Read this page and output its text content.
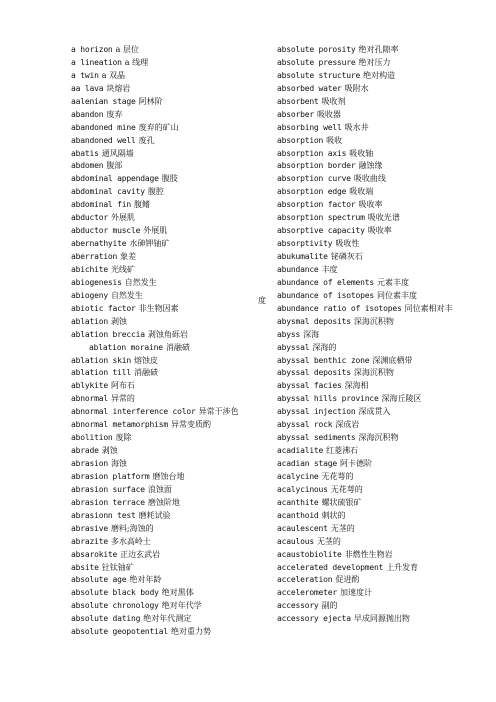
a horizon a 层位
a lineation a 线理
a twin a 双晶
aa lava 块熔岩
aalenian stage 阿林阶
abandon 废弃
abandoned mine 废弃的矿山
abandoned well 废孔
abatis 通风隔墙
abdomen 腹部
abdominal appendage 腹肢
abdominal cavity 腹腔
abdominal fin 腹鳍
abductor 外展肌
abductor muscle 外展肌
abernathyite 水砷钾铀矿
aberration 象差
abichite 光线矿
abiogenesis 自然发生
abiogeny 自然发生
abiotic factor 非生物因素
ablation 剥蚀
ablation breccia 剥蚀角砾岩
ablation moraine 消融碛
ablation skin 熔蚀皮
ablation till 消融碛
ablykite 阿布石
abnormal 异常的
abnormal interference color 异常干涉色
abnormal metamorphism 异常变质酌
abolition 废除
abrade 剥蚀
abrasion 海蚀
abrasion platform 磨蚀台地
abrasion surface 浪蚀面
abrasion terrace 磨蚀阶地
abrasionn test 磨耗试验
abrasive 磨料;海蚀的
abrazite 多水高岭土
absarokite 正边玄武岩
absite 钍钛铀矿
absolute age 绝对年龄
absolute black body 绝对黑体
absolute chronology 绝对年代学
absolute dating 绝对年代测定
absolute geopotential 绝对重力势
absolute porosity 绝对孔隙率
absolute pressure 绝对压力
absolute structure 绝对构造
absorbed water 吸附水
absorbent 吸收剂
absorber 吸收器
absorbing well 吸水井
absorption 吸收
absorption axis 吸收轴
absorption border 融蚀缘
absorption curve 吸收曲线
absorption edge 吸收端
absorption factor 吸收率
absorption spectrum 吸收光谱
absorptive capacity 吸收率
absorptivity 吸收性
abukumalite 铋磷灰石
abundance 丰度
abundance of elements 元素丰度
abundance of isotopes 同位素丰度
abundance ratio of isotopes 同位素相对丰
abysmal deposits 深海沉积物
abyss 深海
abyssal 深海的
abyssal benthic zone 深渊底栖带
abyssal deposits 深海沉积物
abyssal facies 深海相
abyssal hills province 深海丘陵区
abyssal injection 深成贯入
abyssal rock 深成岩
abyssal sediments 深海沉积物
acadialite 红菱沸石
acadian stage 阿卡德阶
acalycine 无花萼的
acalycinous 无花萼的
acanthite 螺状硫银矿
acanthoid 刺状的
acaulescent 无茎的
acaulous 无茎的
acaustobiolite 非燃性生物岩
accelerated development 上升发育
acceleration 促进酌
accelerometer 加速度计
accessory 副的
accessory ejecta 早成同源抛出物
度
